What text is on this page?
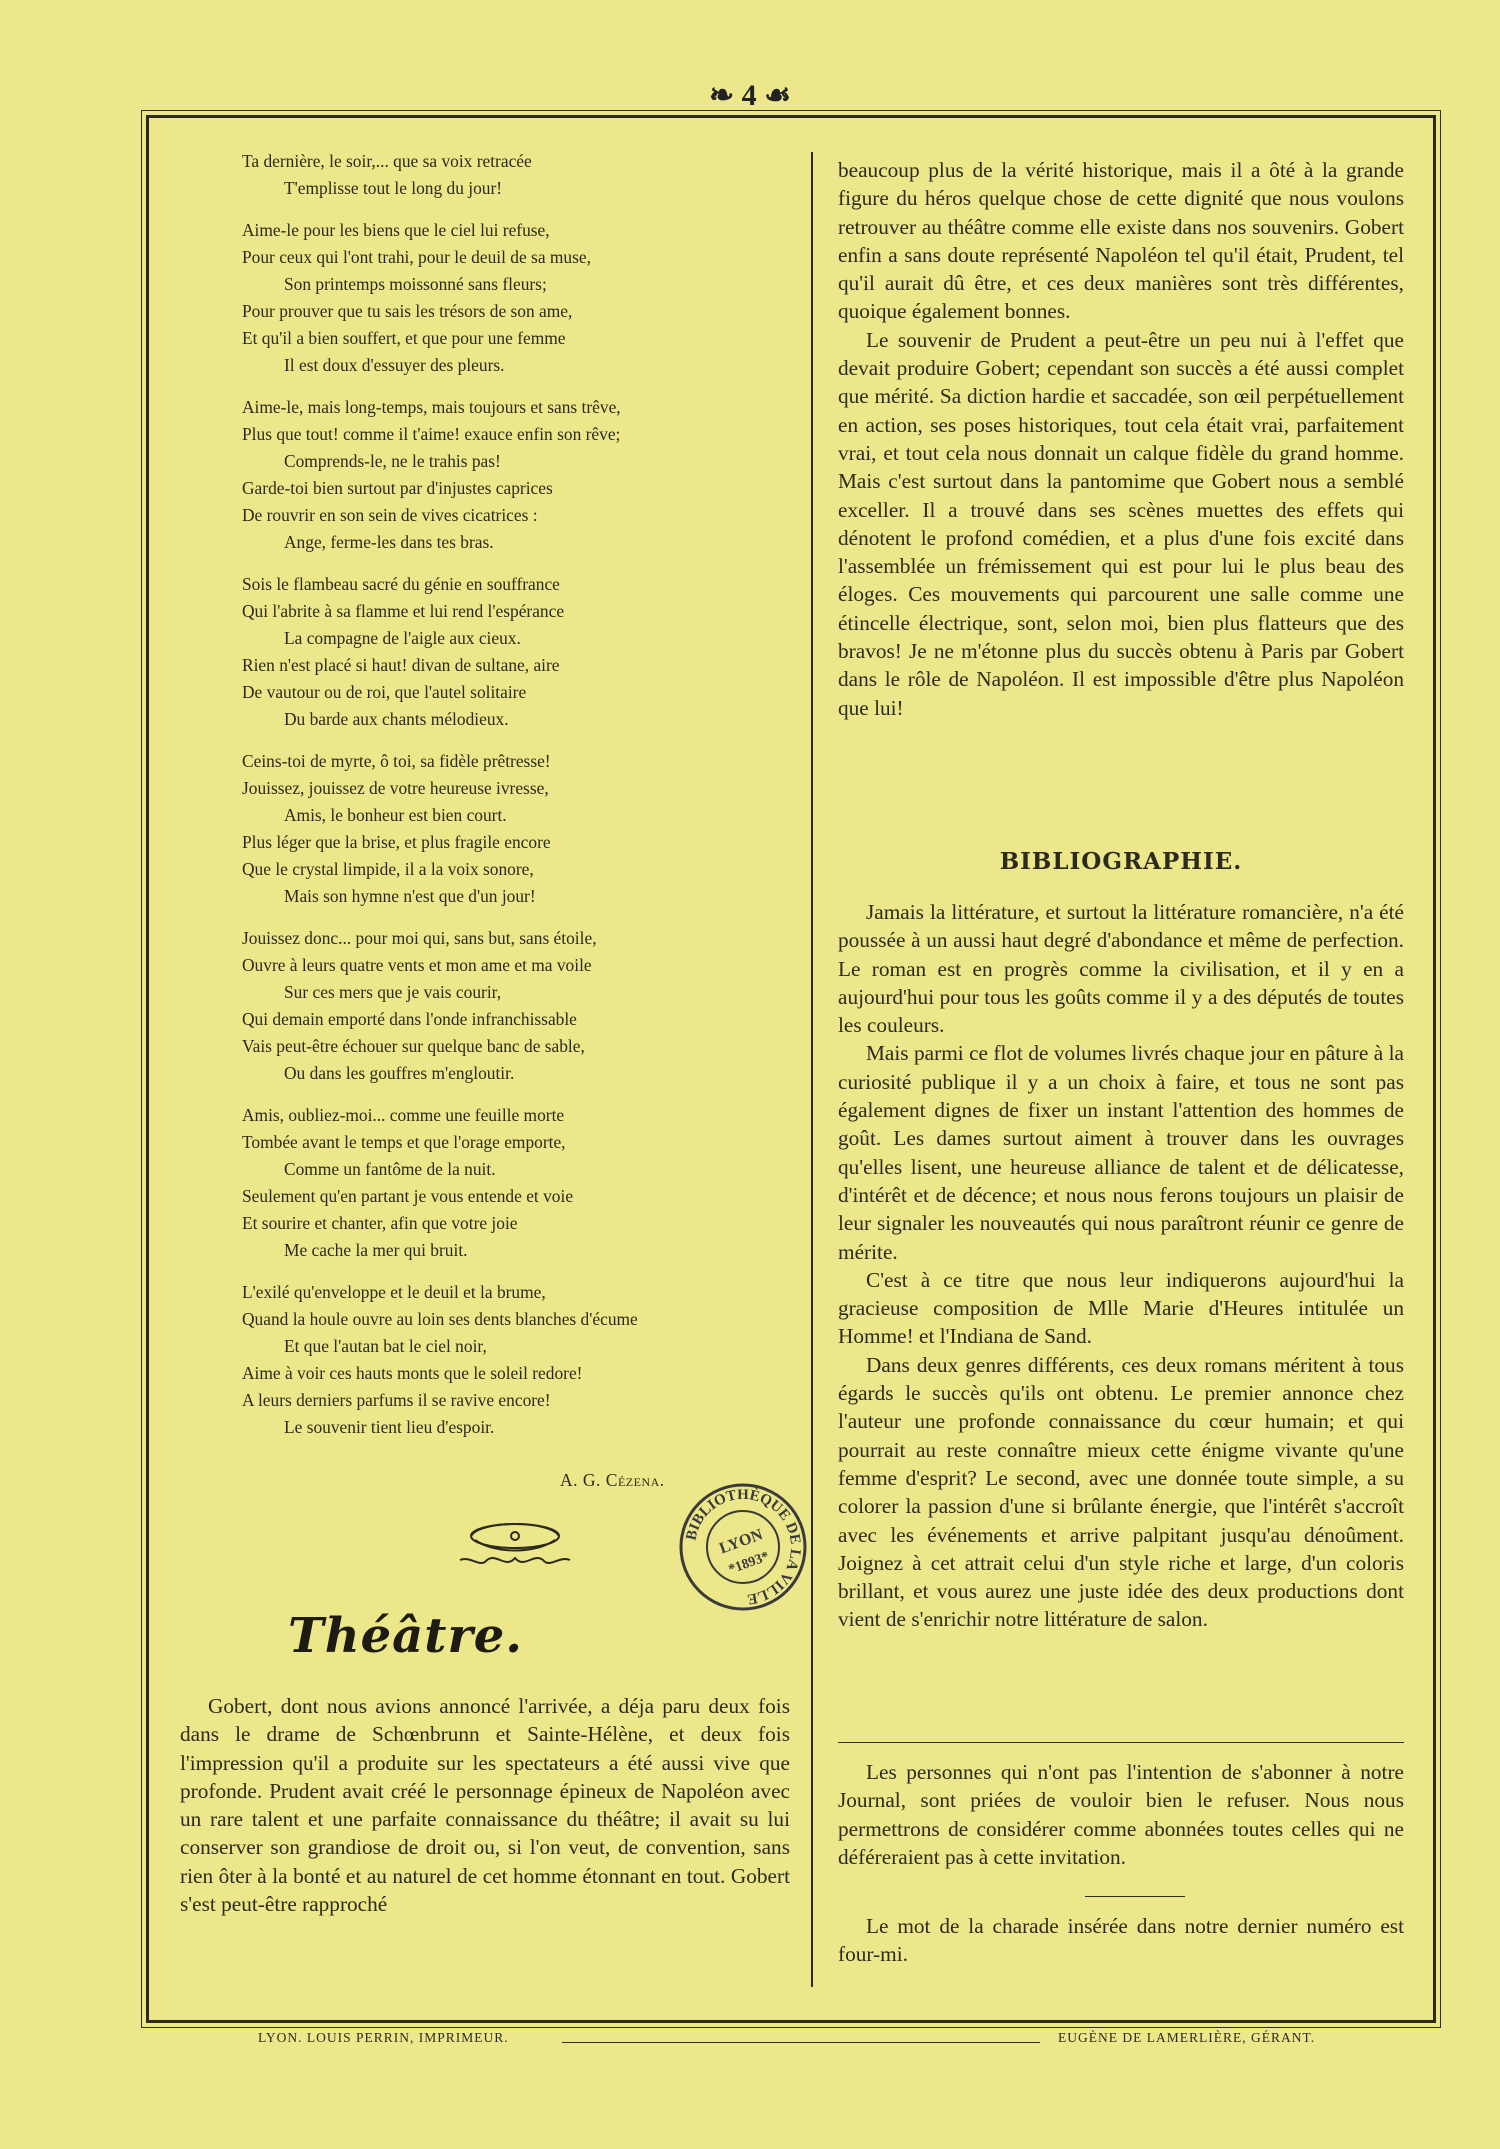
❧ 4 ☙
Ta dernière, le soir,... que sa voix retracée
T'emplisse tout le long du jour!
Aime-le pour les biens que le ciel lui refuse,
Pour ceux qui l'ont trahi, pour le deuil de sa muse,
Son printemps moissonné sans fleurs;
Pour prouver que tu sais les trésors de son ame,
Et qu'il a bien souffert, et que pour une femme
Il est doux d'essuyer des pleurs.
Aime-le, mais long-temps, mais toujours et sans trêve,
Plus que tout! comme il t'aime! exauce enfin son rêve;
Comprends-le, ne le trahis pas!
Garde-toi bien surtout par d'injustes caprices
De rouvrir en son sein de vives cicatrices :
Ange, ferme-les dans tes bras.
Sois le flambeau sacré du génie en souffrance
Qui l'abrite à sa flamme et lui rend l'espérance
La compagne de l'aigle aux cieux.
Rien n'est placé si haut! divan de sultane, aire
De vautour ou de roi, que l'autel solitaire
Du barde aux chants mélodieux.
Ceins-toi de myrte, ô toi, sa fidèle prêtresse!
Jouissez, jouissez de votre heureuse ivresse,
Amis, le bonheur est bien court.
Plus léger que la brise, et plus fragile encore
Que le crystal limpide, il a la voix sonore,
Mais son hymne n'est que d'un jour!
Jouissez donc... pour moi qui, sans but, sans étoile,
Ouvre à leurs quatre vents et mon ame et ma voile
Sur ces mers que je vais courir,
Qui demain emporté dans l'onde infranchissable
Vais peut-être échouer sur quelque banc de sable,
Ou dans les gouffres m'engloutir.
Amis, oubliez-moi... comme une feuille morte
Tombée avant le temps et que l'orage emporte,
Comme un fantôme de la nuit.
Seulement qu'en partant je vous entende et voie
Et sourire et chanter, afin que votre joie
Me cache la mer qui bruit.
L'exilé qu'enveloppe et le deuil et la brume,
Quand la houle ouvre au loin ses dents blanches d'écume
Et que l'autan bat le ciel noir,
Aime à voir ces hauts monts que le soleil redore!
A leurs derniers parfums il se ravive encore!
Le souvenir tient lieu d'espoir.
A. G. Cézena.
BIBLIOTHÈQUE DE LA VILLE
LYON
*1893*
Théâtre.

Gobert, dont nous avions annoncé l'arrivée, a déja paru deux fois dans le drame de Schœnbrunn et Sainte-Hélène, et deux fois l'impression qu'il a produite sur les spectateurs a été aussi vive que profonde. Prudent avait créé le personnage épineux de Napoléon avec un rare talent et une parfaite connaissance du théâtre; il avait su lui conserver son grandiose de droit ou, si l'on veut, de convention, sans rien ôter à la bonté et au naturel de cet homme étonnant en tout. Gobert s'est peut-être rapproché

beaucoup plus de la vérité historique, mais il a ôté à la grande figure du héros quelque chose de cette dignité que nous voulons retrouver au théâtre comme elle existe dans nos souvenirs. Gobert enfin a sans doute représenté Napoléon tel qu'il était, Prudent, tel qu'il aurait dû être, et ces deux manières sont très différentes, quoique également bonnes.

Le souvenir de Prudent a peut-être un peu nui à l'effet que devait produire Gobert; cependant son succès a été aussi complet que mérité. Sa diction hardie et saccadée, son œil perpétuellement en action, ses poses historiques, tout cela était vrai, parfaitement vrai, et tout cela nous donnait un calque fidèle du grand homme. Mais c'est surtout dans la pantomime que Gobert nous a semblé exceller. Il a trouvé dans ses scènes muettes des effets qui dénotent le profond comédien, et a plus d'une fois excité dans l'assemblée un frémissement qui est pour lui le plus beau des éloges. Ces mouvements qui parcourent une salle comme une étincelle électrique, sont, selon moi, bien plus flatteurs que des bravos! Je ne m'étonne plus du succès obtenu à Paris par Gobert dans le rôle de Napoléon. Il est impossible d'être plus Napoléon que lui!

BIBLIOGRAPHIE.

Jamais la littérature, et surtout la littérature romancière, n'a été poussée à un aussi haut degré d'abondance et même de perfection. Le roman est en progrès comme la civilisation, et il y en a aujourd'hui pour tous les goûts comme il y a des députés de toutes les couleurs.

Mais parmi ce flot de volumes livrés chaque jour en pâture à la curiosité publique il y a un choix à faire, et tous ne sont pas également dignes de fixer un instant l'attention des hommes de goût. Les dames surtout aiment à trouver dans les ouvrages qu'elles lisent, une heureuse alliance de talent et de délicatesse, d'intérêt et de décence; et nous nous ferons toujours un plaisir de leur signaler les nouveautés qui nous paraîtront réunir ce genre de mérite.

C'est à ce titre que nous leur indiquerons aujourd'hui la gracieuse composition de Mlle Marie d'Heures intitulée un Homme! et l'Indiana de Sand.

Dans deux genres différents, ces deux romans méritent à tous égards le succès qu'ils ont obtenu. Le premier annonce chez l'auteur une profonde connaissance du cœur humain; et qui pourrait au reste connaître mieux cette énigme vivante qu'une femme d'esprit? Le second, avec une donnée toute simple, a su colorer la passion d'une si brûlante énergie, que l'intérêt s'accroît avec les événements et arrive palpitant jusqu'au dénoûment. Joignez à cet attrait celui d'un style riche et large, d'un coloris brillant, et vous aurez une juste idée des deux productions dont vient de s'enrichir notre littérature de salon.

Les personnes qui n'ont pas l'intention de s'abonner à notre Journal, sont priées de vouloir bien le refuser. Nous nous permettrons de considérer comme abonnées toutes celles qui ne déféreraient pas à cette invitation.

Le mot de la charade insérée dans notre dernier numéro est four-mi.

LYON. LOUIS PERRIN, IMPRIMEUR.	EUGÈNE DE LAMERLIÈRE, GÉRANT.
